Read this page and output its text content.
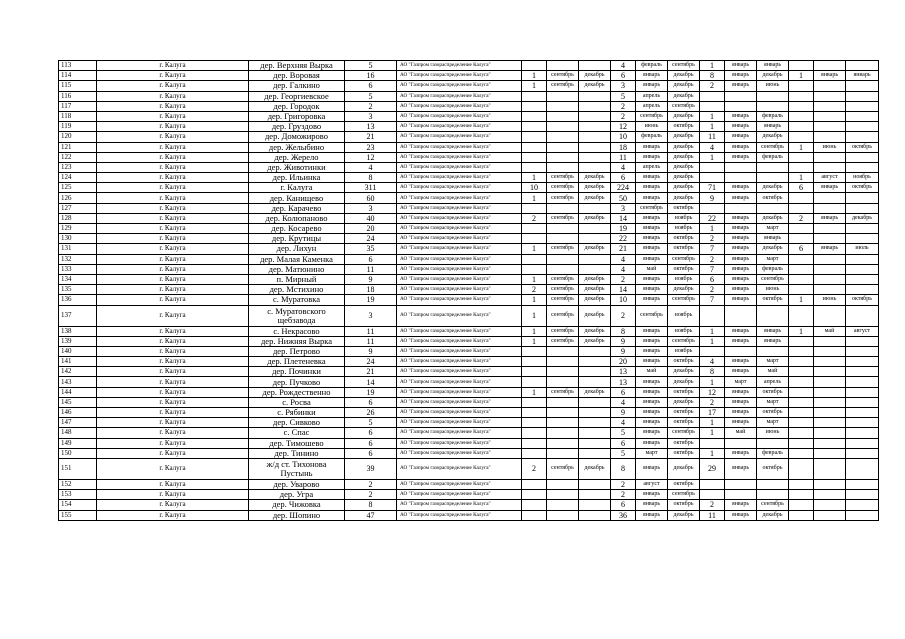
113	г. Калуга	дер. Верхняя Вырка	5	АО "Газпром газораспределение Калуга"				4	февраль	сентябрь	1	январь	январь			
114	г. Калуга	дер. Воровая	16	АО "Газпром газораспределение Калуга"	1	сентябрь	декабрь	6	январь	декабрь	8	январь	декабрь	1	январь	январь
115	г. Калуга	дер. Галкино	6	АО "Газпром газораспределение Калуга"	1	сентябрь	декабрь	3	январь	декабрь	2	январь	июнь			
116	г. Калуга	дер. Георгиевское	5	АО "Газпром газораспределение Калуга"				5	апрель	декабрь						
117	г. Калуга	дер. Городок	2	АО "Газпром газораспределение Калуга"				2	апрель	сентябрь						
118	г. Калуга	дер. Григоровка	3	АО "Газпром газораспределение Калуга"				2	сентябрь	декабрь	1	январь	февраль			
119	г. Калуга	дер. Груздово	13	АО "Газпром газораспределение Калуга"				12	июнь	октябрь	1	январь	январь			
120	г. Калуга	дер. Доможирово	21	АО "Газпром газораспределение Калуга"				10	февраль	декабрь	11	январь	декабрь			
121	г. Калуга	дер. Желыбино	23	АО "Газпром газораспределение Калуга"				18	январь	декабрь	4	январь	сентябрь	1	июнь	октябрь
122	г. Калуга	дер. Жерело	12	АО "Газпром газораспределение Калуга"				11	январь	декабрь	1	январь	февраль			
123	г. Калуга	дер. Животинки	4	АО "Газпром газораспределение Калуга"				4	апрель	декабрь						
124	г. Калуга	дер. Ильинка	8	АО "Газпром газораспределение Калуга"	1	сентябрь	декабрь	6	январь	декабрь				1	август	ноябрь
125	г. Калуга	г. Калуга	311	АО "Газпром газораспределение Калуга"	10	сентябрь	декабрь	224	январь	декабрь	71	январь	декабрь	6	январь	октябрь
126	г. Калуга	дер. Канищево	60	АО "Газпром газораспределение Калуга"	1	сентябрь	декабрь	50	январь	декабрь	9	январь	октябрь			
127	г. Калуга	дер. Карачево	3	АО "Газпром газораспределение Калуга"				3	сентябрь	октябрь						
128	г. Калуга	дер. Колюпаново	40	АО "Газпром газораспределение Калуга"	2	сентябрь	декабрь	14	январь	ноябрь	22	январь	декабрь	2	январь	декабрь
129	г. Калуга	дер. Косарево	20	АО "Газпром газораспределение Калуга"				19	январь	ноябрь	1	январь	март			
130	г. Калуга	дер. Крутицы	24	АО "Газпром газораспределение Калуга"				22	январь	октябрь	2	январь	январь			
131	г. Калуга	дер. Лихун	35	АО "Газпром газораспределение Калуга"	1	сентябрь	декабрь	21	январь	октябрь	7	январь	декабрь	6	январь	июль
132	г. Калуга	дер. Малая Каменка	6	АО "Газпром газораспределение Калуга"				4	январь	сентябрь	2	январь	март			
133	г. Калуга	дер. Матюнино	11	АО "Газпром газораспределение Калуга"				4	май	октябрь	7	январь	февраль			
134	г. Калуга	п. Мирный	9	АО "Газпром газораспределение Калуга"	1	сентябрь	декабрь	2	январь	ноябрь	6	январь	сентябрь			
135	г. Калуга	дер. Мстихино	18	АО "Газпром газораспределение Калуга"	2	сентябрь	декабрь	14	январь	декабрь	2	январь	июнь			
136	г. Калуга	с. Муратовка	19	АО "Газпром газораспределение Калуга"	1	сентябрь	декабрь	10	январь	сентябрь	7	январь	октябрь	1	июнь	октябрь
137	г. Калуга	с. Муратовского щебзавода	3	АО "Газпром газораспределение Калуга"	1	сентябрь	декабрь	2	сентябрь	ноябрь						
138	г. Калуга	с. Некрасово	11	АО "Газпром газораспределение Калуга"	1	сентябрь	декабрь	8	январь	ноябрь	1	январь	январь	1	май	август
139	г. Калуга	дер. Нижняя Вырка	11	АО "Газпром газораспределение Калуга"	1	сентябрь	декабрь	9	январь	сентябрь	1	январь	январь			
140	г. Калуга	дер. Петрово	9	АО "Газпром газораспределение Калуга"				9	январь	ноябрь						
141	г. Калуга	дер. Плетеневка	24	АО "Газпром газораспределение Калуга"				20	январь	октябрь	4	январь	март			
142	г. Калуга	дер. Починки	21	АО "Газпром газораспределение Калуга"				13	май	декабрь	8	январь	май			
143	г. Калуга	дер. Пучково	14	АО "Газпром газораспределение Калуга"				13	январь	декабрь	1	март	апрель			
144	г. Калуга	дер. Рождественно	19	АО "Газпром газораспределение Калуга"	1	сентябрь	декабрь	6	январь	октябрь	12	январь	октябрь			
145	г. Калуга	с. Росва	6	АО "Газпром газораспределение Калуга"				4	январь	декабрь	2	январь	март			
146	г. Калуга	с. Рябинки	26	АО "Газпром газораспределение Калуга"				9	январь	октябрь	17	январь	октябрь			
147	г. Калуга	дер. Сивково	5	АО "Газпром газораспределение Калуга"				4	январь	октябрь	1	январь	март			
148	г. Калуга	с. Спас	6	АО "Газпром газораспределение Калуга"				5	январь	сентябрь	1	май	июнь			
149	г. Калуга	дер. Тимошево	6	АО "Газпром газораспределение Калуга"				6	январь	октябрь						
150	г. Калуга	дер. Тинино	6	АО "Газпром газораспределение Калуга"				5	март	октябрь	1	январь	февраль			
151	г. Калуга	ж/д ст. Тихонова Пустынь	39	АО "Газпром газораспределение Калуга"	2	сентябрь	декабрь	8	январь	декабрь	29	январь	октябрь			
152	г. Калуга	дер. Уварово	2	АО "Газпром газораспределение Калуга"				2	август	октябрь						
153	г. Калуга	дер. Угра	2	АО "Газпром газораспределение Калуга"				2	январь	сентябрь						
154	г. Калуга	дер. Чижовка	8	АО "Газпром газораспределение Калуга"				6	январь	октябрь	2	январь	сентябрь			
155	г. Калуга	дер. Шопино	47	АО "Газпром газораспределение Калуга"				36	январь	декабрь	11	январь	декабрь			
